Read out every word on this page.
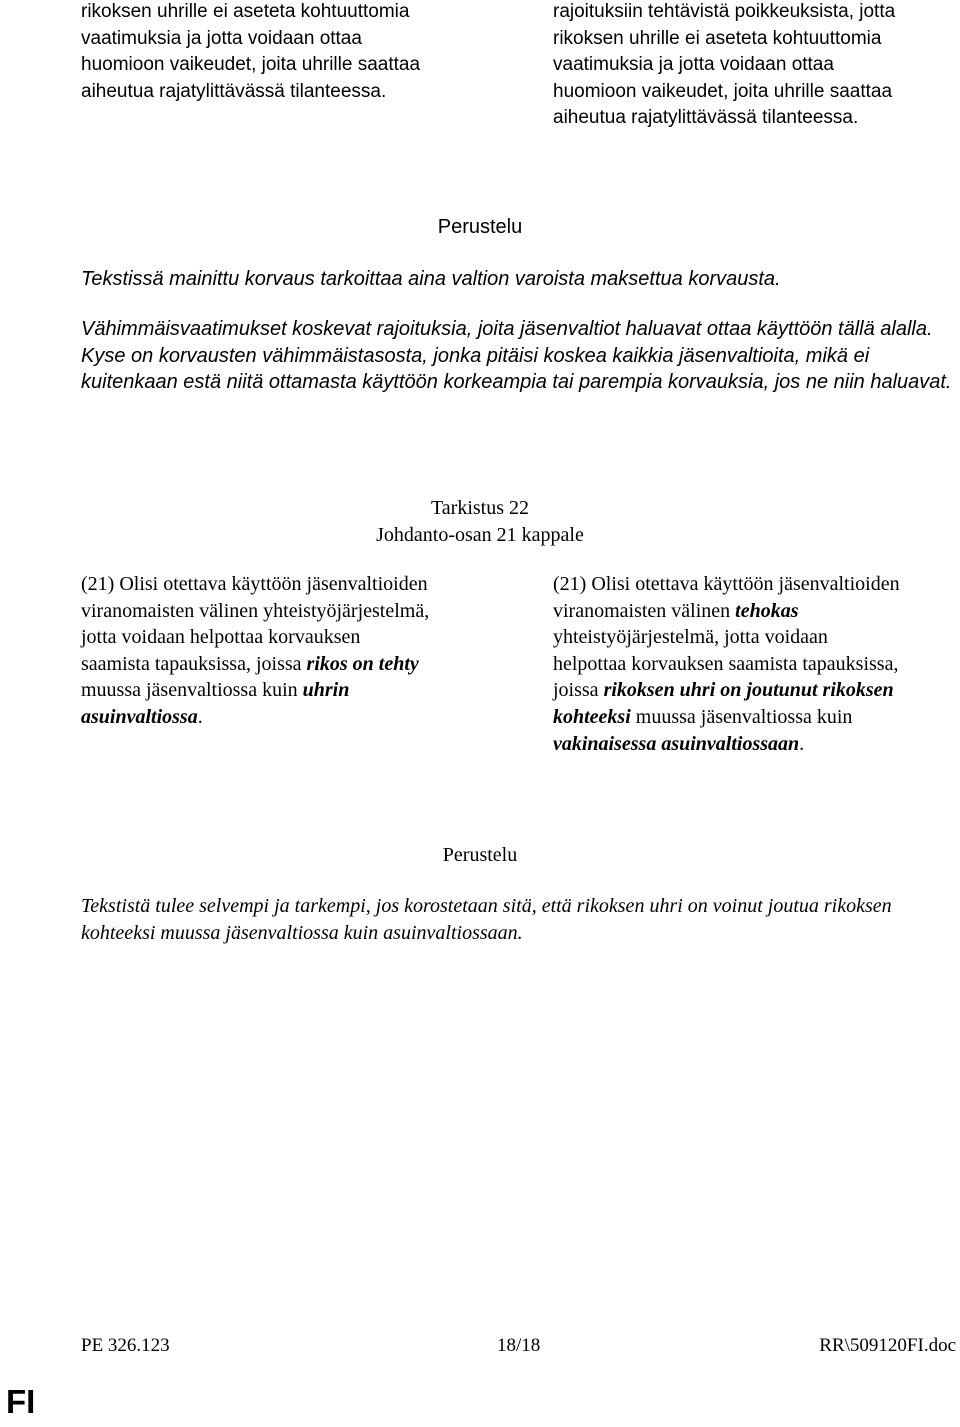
rikoksen uhrille ei aseteta kohtuuttomia
vaatimuksia ja jotta voidaan ottaa
huomioon vaikeudet, joita uhrille saattaa
aiheutua rajatylittävässä tilanteessa.
rajoituksiin tehtävistä poikkeuksista, jotta
rikoksen uhrille ei aseteta kohtuuttomia
vaatimuksia ja jotta voidaan ottaa
huomioon vaikeudet, joita uhrille saattaa
aiheutua rajatylittävässä tilanteessa.
Perustelu
Tekstissä mainittu korvaus tarkoittaa aina valtion varoista maksettua korvausta.
Vähimmäisvaatimukset koskevat rajoituksia, joita jäsenvaltiot haluavat ottaa käyttöön tällä alalla. Kyse on korvausten vähimmäistasosta, jonka pitäisi koskea kaikkia jäsenvaltioita, mikä ei kuitenkaan estä niitä ottamasta käyttöön korkeampia tai parempia korvauksia, jos ne niin haluavat.
Tarkistus 22
Johdanto-osan 21 kappale
(21) Olisi otettava käyttöön jäsenvaltioiden
viranomaisten välinen yhteistyöjärjestelmä,
jotta voidaan helpottaa korvauksen
saamista tapauksissa, joissa rikos on tehty
muussa jäsenvaltiossa kuin uhrin
asuinvaltiossa.
(21) Olisi otettava käyttöön jäsenvaltioiden
viranomaisten välinen tehokas
yhteistyöjärjestelmä, jotta voidaan
helpottaa korvauksen saamista tapauksissa,
joissa rikoksen uhri on joutunut rikoksen
kohteeksi muussa jäsenvaltiossa kuin
vakinaisessa asuinvaltiossaan.
Perustelu
Tekstistä tulee selvempi ja tarkempi, jos korostetaan sitä, että rikoksen uhri on voinut joutua rikoksen kohteeksi muussa jäsenvaltiossa kuin asuinvaltiossaan.
PE 326.123	18/18	RR\509120FI.doc
FI
